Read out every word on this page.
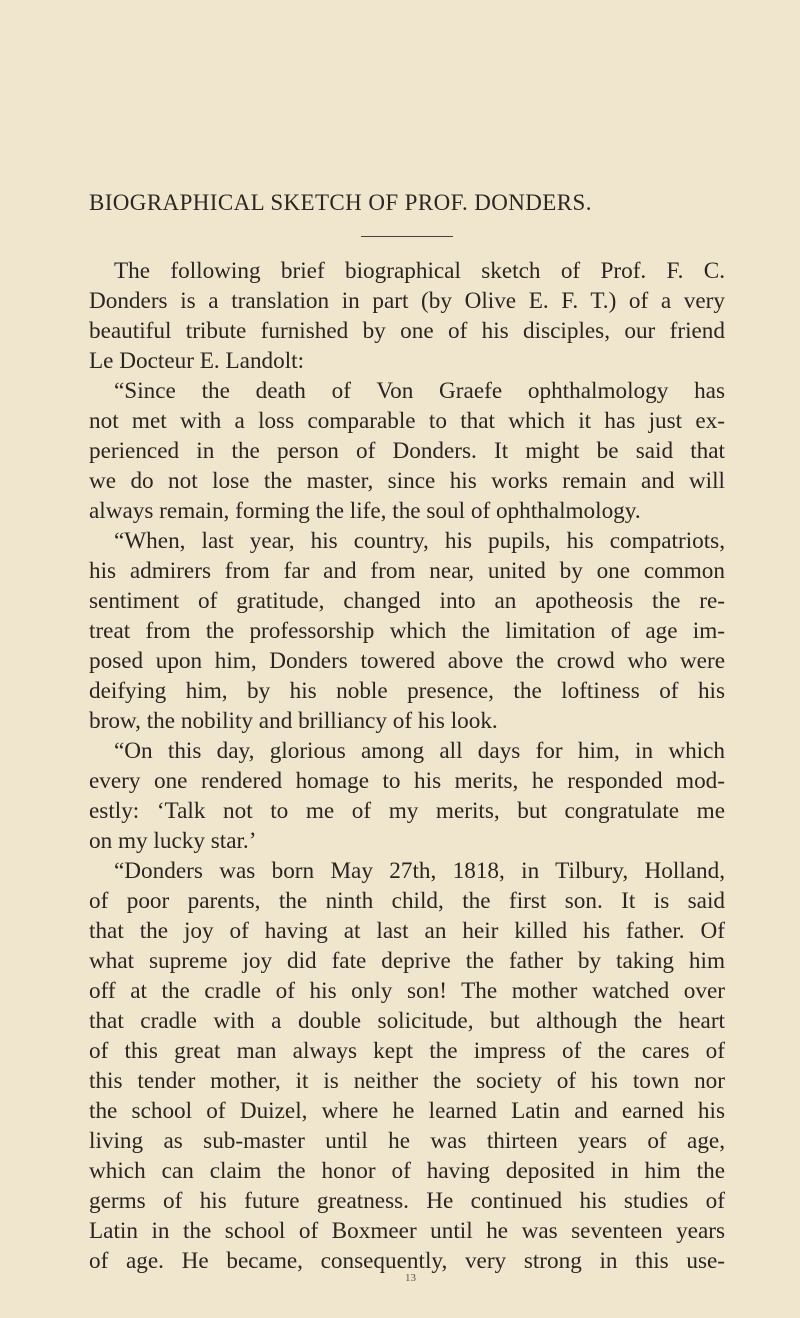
BIOGRAPHICAL SKETCH OF PROF. DONDERS.
The following brief biographical sketch of Prof. F. C.
Donders is a translation in part (by Olive E. F. T.) of a very
beautiful tribute furnished by one of his disciples, our friend
Le Docteur E. Landolt:
“Since the death of Von Graefe ophthalmology has
not met with a loss comparable to that which it has just ex-
perienced in the person of Donders. It might be said that
we do not lose the master, since his works remain and will
always remain, forming the life, the soul of ophthalmology.
“When, last year, his country, his pupils, his compatriots,
his admirers from far and from near, united by one common
sentiment of gratitude, changed into an apotheosis the re-
treat from the professorship which the limitation of age im-
posed upon him, Donders towered above the crowd who were
deifying him, by his noble presence, the loftiness of his
brow, the nobility and brilliancy of his look.
“On this day, glorious among all days for him, in which
every one rendered homage to his merits, he responded mod-
estly: ‘Talk not to me of my merits, but congratulate me
on my lucky star.’
“Donders was born May 27th, 1818, in Tilbury, Holland,
of poor parents, the ninth child, the first son. It is said
that the joy of having at last an heir killed his father. Of
what supreme joy did fate deprive the father by taking him
off at the cradle of his only son! The mother watched over
that cradle with a double solicitude, but although the heart
of this great man always kept the impress of the cares of
this tender mother, it is neither the society of his town nor
the school of Duizel, where he learned Latin and earned his
living as sub-master until he was thirteen years of age,
which can claim the honor of having deposited in him the
germs of his future greatness. He continued his studies of
Latin in the school of Boxmeer until he was seventeen years
of age. He became, consequently, very strong in this use-
13
